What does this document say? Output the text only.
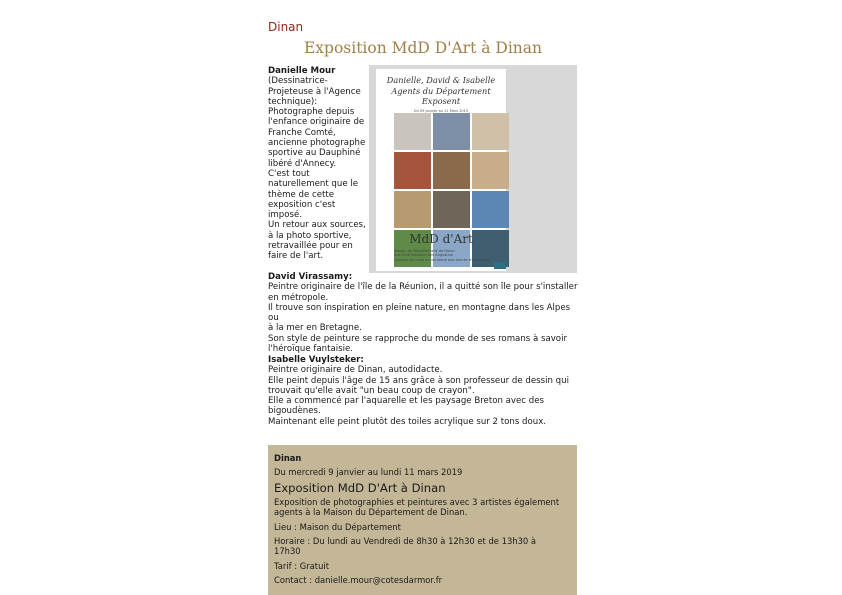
Dinan
Exposition MdD D'Art à Dinan
Danielle Mour
(Dessinatrice-
Projeteuse à l'Agence
technique):
Photographe depuis
l'enfance originaire de
Franche Comté,
ancienne photographe
sportive au Dauphiné
libéré d'Annecy.
C'est tout
naturellement que le
thème de cette
exposition c'est
imposé.
Un retour aux sources,
à la photo sportive,
retravaillée pour en
faire de l'art.
Danielle, David & Isabelle
Agents du Département
Exposent
Du 09 janvier au 11 Mars 2019
MdD d'Art
Maison du Département de Dinan
Rue Ercé Fontaine des Augustins
Ouverte du lundi au vendredi aux heures d'ouverture
David Virassamy:
Peintre originaire de l'île de la Réunion, il a quitté son île pour s'installer
en métropole.
Il trouve son inspiration en pleine nature, en montagne dans les Alpes ou
à la mer en Bretagne.
Son style de peinture se rapproche du monde de ses romans à savoir
l'héroïque fantaisie.
Isabelle Vuylsteker:
Peintre originaire de Dinan, autodidacte.
Elle peint depuis l'âge de 15 ans grâce à son professeur de dessin qui
trouvait qu'elle avait "un beau coup de crayon".
Elle a commencé par l'aquarelle et les paysage Breton avec des
bigoudènes.
Maintenant elle peint plutôt des toiles acrylique sur 2 tons doux.
Dinan
Du mercredi 9 janvier au lundi 11 mars 2019
Exposition MdD D'Art à Dinan
Exposition de photographies et peintures avec 3 artistes également
agents à la Maison du Département de Dinan.
Lieu : Maison du Département
Horaire : Du lundi au Vendredi de 8h30 à 12h30 et de 13h30 à
17h30
Tarif : Gratuit
Contact : danielle.mour@cotesdarmor.fr
